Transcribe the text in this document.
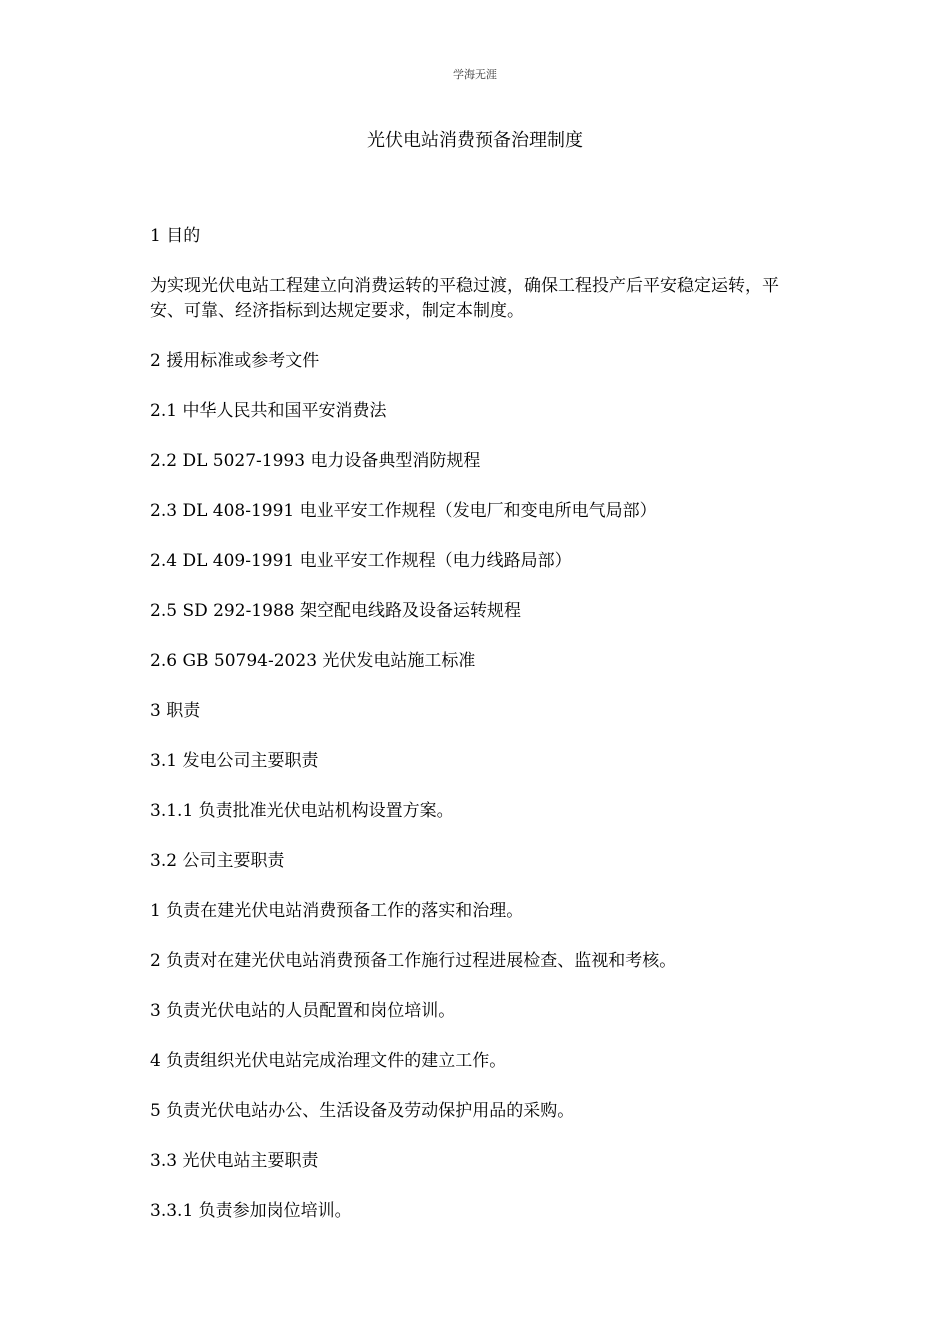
学海无涯
光伏电站消费预备治理制度

1 目的

为实现光伏电站工程建立向消费运转的平稳过渡，确保工程投产后平安稳定运转，平安、可靠、经济指标到达规定要求，制定本制度。

2 援用标准或参考文件

2.1 中华人民共和国平安消费法

2.2 DL 5027-1993 电力设备典型消防规程

2.3 DL 408-1991 电业平安工作规程（发电厂和变电所电气局部）

2.4 DL 409-1991 电业平安工作规程（电力线路局部）

2.5 SD 292-1988 架空配电线路及设备运转规程

2.6 GB 50794-2023 光伏发电站施工标准

3 职责

3.1 发电公司主要职责

3.1.1 负责批准光伏电站机构设置方案。

3.2 公司主要职责

1 负责在建光伏电站消费预备工作的落实和治理。

2 负责对在建光伏电站消费预备工作施行过程进展检查、监视和考核。

3 负责光伏电站的人员配置和岗位培训。

4 负责组织光伏电站完成治理文件的建立工作。

5 负责光伏电站办公、生活设备及劳动保护用品的采购。

3.3 光伏电站主要职责

3.3.1 负责参加岗位培训。
